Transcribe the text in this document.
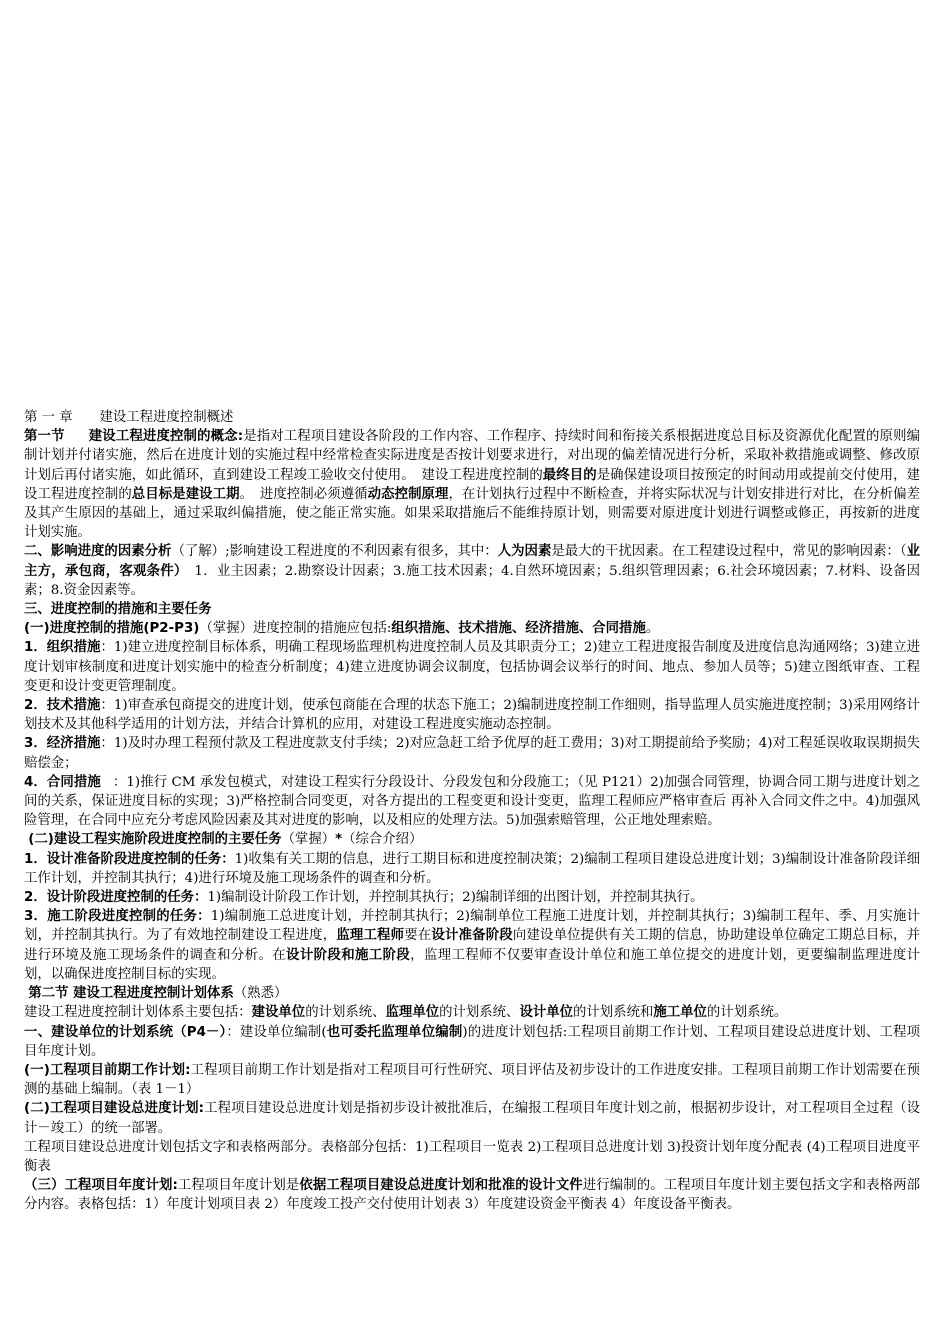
第 一 章　　建设工程进度控制概述

第一节 建设工程进度控制的概念:是指对工程项目建设各阶段的工作内容、工作程序、持续时间和衔接关系根据进度总目标及资源优化配置的原则编制计划并付诸实施，然后在进度计划的实施过程中经常检查实际进度是否按计划要求进行，对出现的偏差情况进行分析，采取补救措施或调整、修改原计划后再付诸实施，如此循环，直到建设工程竣工验收交付使用。　建设工程进度控制的最终目的是确保建设项目按预定的时间动用或提前交付使用，建设工程进度控制的总目标是建设工期。　进度控制必须遵循动态控制原理，在计划执行过程中不断检查，并将实际状况与计划安排进行对比，在分析偏差及其产生原因的基础上，通过采取纠偏措施，使之能正常实施。如果采取措施后不能维持原计划，则需要对原进度计划进行调整或修正，再按新的进度计划实施。

二、影响进度的因素分析（了解）;影响建设工程进度的不利因素有很多，其中：人为因素是最大的干扰因素。在工程建设过程中，常见的影响因素：（业主方，承包商，客观条件）　1．业主因素；2.勘察设计因素；3.施工技术因素；4.自然环境因素；5.组织管理因素；6.社会环境因素；7.材料、设备因素；8.资金因素等。

三、进度控制的措施和主要任务

(一)进度控制的措施(P2-P3)（掌握）进度控制的措施应包括:组织措施、技术措施、经济措施、合同措施。

1．组织措施：1)建立进度控制目标体系，明确工程现场监理机构进度控制人员及其职责分工；2)建立工程进度报告制度及进度信息沟通网络；3)建立进度计划审核制度和进度计划实施中的检查分析制度；4)建立进度协调会议制度，包括协调会议举行的时间、地点、参加人员等；5)建立图纸审查、工程变更和设计变更管理制度。

2．技术措施：1)审查承包商提交的进度计划，使承包商能在合理的状态下施工；2)编制进度控制工作细则，指导监理人员实施进度控制；3)采用网络计划技术及其他科学适用的计划方法，并结合计算机的应用，对建设工程进度实施动态控制。

3．经济措施：1)及时办理工程预付款及工程进度款支付手续；2)对应急赶工给予优厚的赶工费用；3)对工期提前给予奖励；4)对工程延误收取误期损失赔偿金；

4．合同措施 ：1)推行 CM 承发包模式，对建设工程实行分段设计、分段发包和分段施工；（见 P121）2)加强合同管理，协调合同工期与进度计划之间的关系，保证进度目标的实现；3)严格控制合同变更，对各方提出的工程变更和设计变更，监理工程师应严格审查后 再补入合同文件之中。4)加强风险管理，在合同中应充分考虑风险因素及其对进度的影响，以及相应的处理方法。5)加强索赔管理，公正地处理索赔。

(二)建设工程实施阶段进度控制的主要任务（掌握）*（综合介绍）

1．设计准备阶段进度控制的任务：1)收集有关工期的信息，进行工期目标和进度控制决策；2)编制工程项目建设总进度计划；3)编制设计准备阶段详细工作计划，并控制其执行；4)进行环境及施工现场条件的调查和分析。

2．设计阶段进度控制的任务：1)编制设计阶段工作计划，并控制其执行；2)编制详细的出图计划，并控制其执行。

3．施工阶段进度控制的任务：1)编制施工总进度计划，并控制其执行；2)编制单位工程施工进度计划，并控制其执行；3)编制工程年、季、月实施计划，并控制其执行。为了有效地控制建设工程进度，监理工程师要在设计准备阶段向建设单位提供有关工期的信息，协助建设单位确定工期总目标，并进行环境及施工现场条件的调查和分析。在设计阶段和施工阶段，监理工程师不仅要审查设计单位和施工单位提交的进度计划，更要编制监理进度计划，以确保进度控制目标的实现。

第二节 建设工程进度控制计划体系（熟悉）

建设工程进度控制计划体系主要包括：建设单位的计划系统、监理单位的计划系统、设计单位的计划系统和施工单位的计划系统。

一、建设单位的计划系统（P4－）：建设单位编制(也可委托监理单位编制)的进度计划包括:工程项目前期工作计划、工程项目建设总进度计划、工程项目年度计划。

(一)工程项目前期工作计划:工程项目前期工作计划是指对工程项目可行性研究、项目评估及初步设计的工作进度安排。工程项目前期工作计划需要在预测的基础上编制。（表 1－1）

(二)工程项目建设总进度计划:工程项目建设总进度计划是指初步设计被批准后，在编报工程项目年度计划之前，根据初步设计，对工程项目全过程（设计－竣工）的统一部署。

工程项目建设总进度计划包括文字和表格两部分。表格部分包括：1)工程项目一览表 2)工程项目总进度计划 3)投资计划年度分配表 (4)工程项目进度平衡表

（三）工程项目年度计划:工程项目年度计划是依据工程项目建设总进度计划和批准的设计文件进行编制的。工程项目年度计划主要包括文字和表格两部分内容。表格包括：1）年度计划项目表 2）年度竣工投产交付使用计划表 3）年度建设资金平衡表 4）年度设备平衡表。
